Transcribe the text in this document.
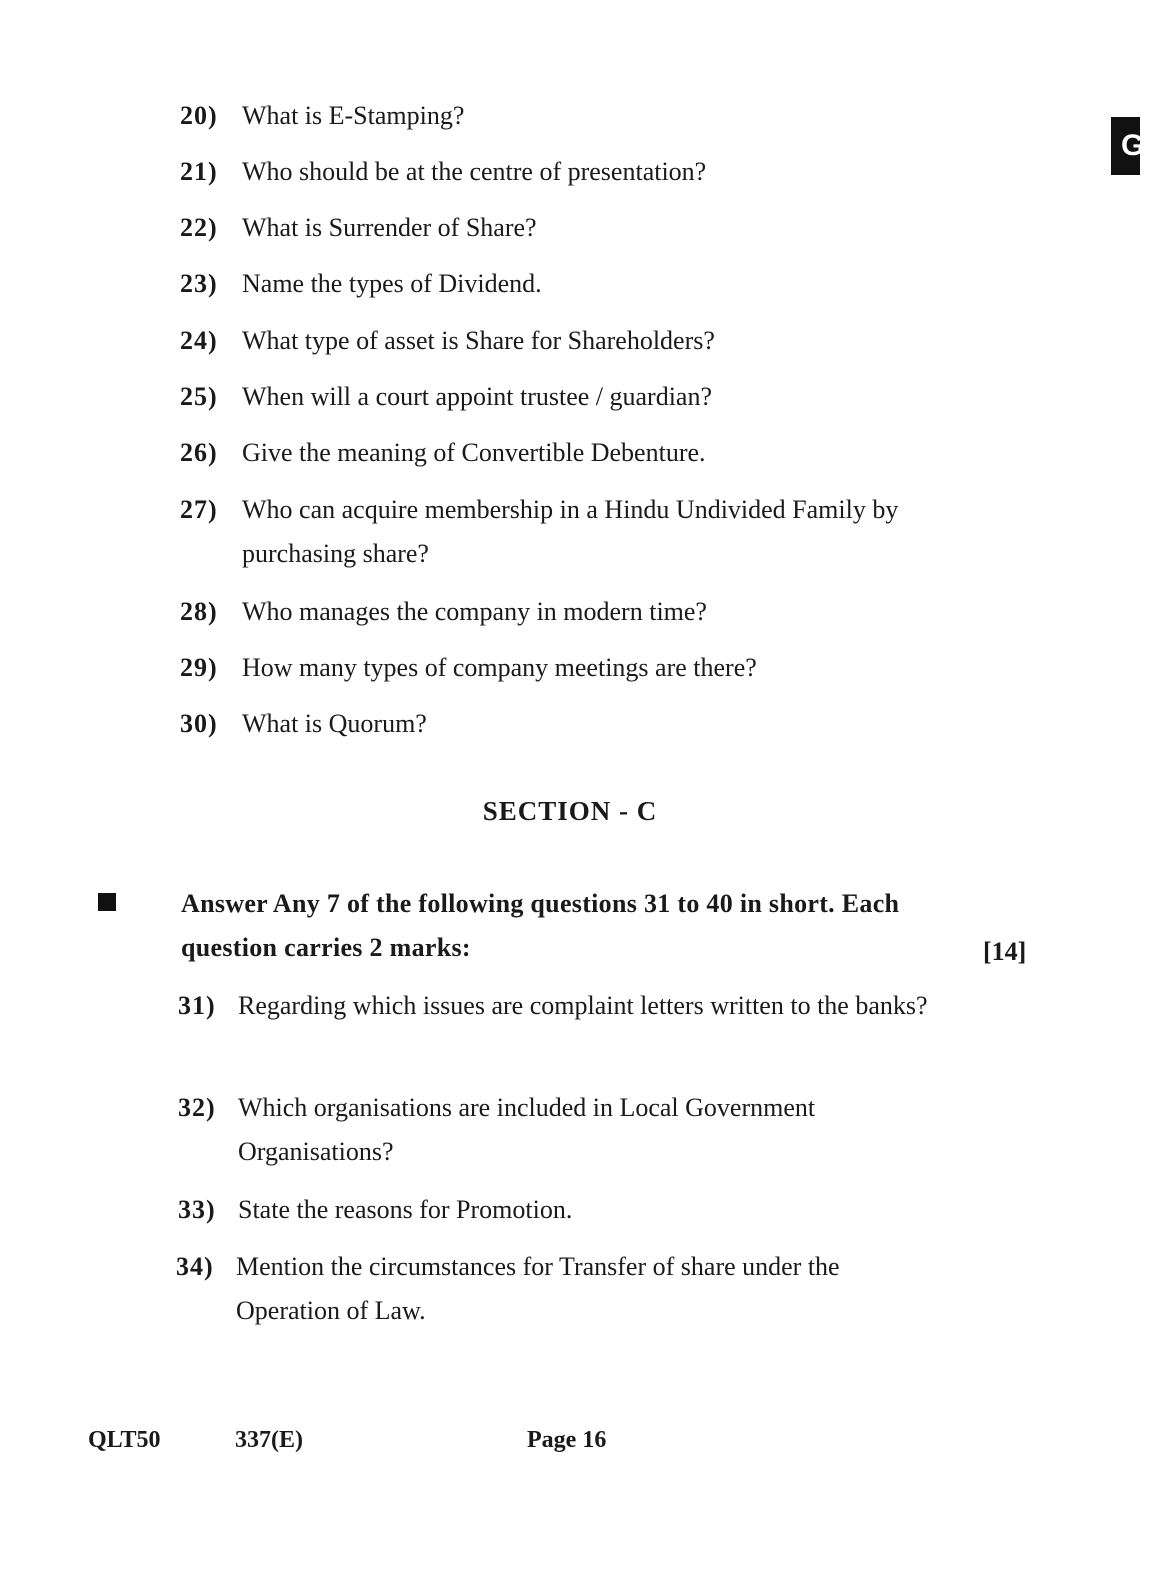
G
20) What is E-Stamping?
21) Who should be at the centre of presentation?
22) What is Surrender of Share?
23) Name the types of Dividend.
24) What type of asset is Share for Shareholders?
25) When will a court appoint trustee / guardian?
26) Give the meaning of Convertible Debenture.
27) Who can acquire membership in a Hindu Undivided Family by purchasing share?
28) Who manages the company in modern time?
29) How many types of company meetings are there?
30) What is Quorum?
SECTION - C
Answer Any 7 of the following questions 31 to 40 in short. Each question carries 2 marks:	[14]
31) Regarding which issues are complaint letters written to the banks?
32) Which organisations are included in Local Government Organisations?
33) State the reasons for Promotion.
34) Mention the circumstances for Transfer of share under the Operation of Law.
QLT50	337(E)	Page 16
